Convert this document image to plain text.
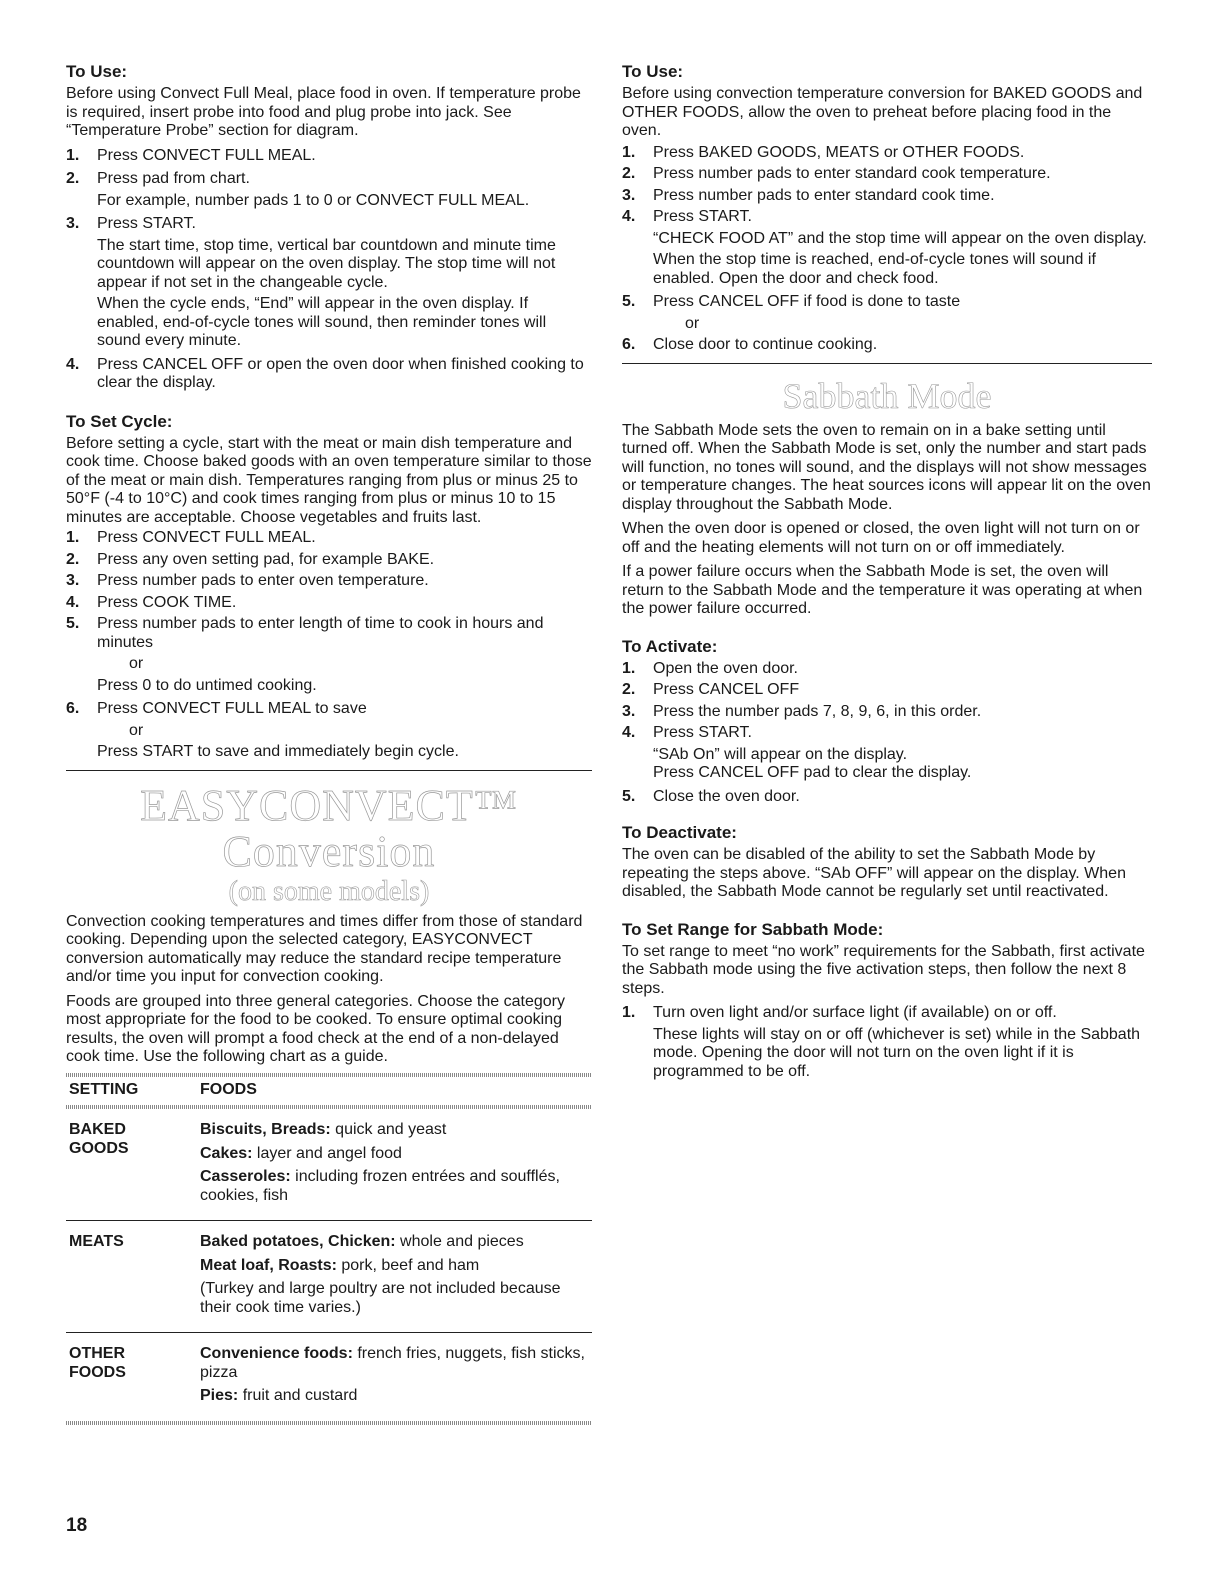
To Use:

Before using Convect Full Meal, place food in oven. If temperature probe is required, insert probe into food and plug probe into jack. See “Temperature Probe” section for diagram.

1. Press CONVECT FULL MEAL.
2. Press pad from chart.

For example, number pads 1 to 0 or CONVECT FULL MEAL.

3. Press START.

The start time, stop time, vertical bar countdown and minute time countdown will appear on the oven display. The stop time will not appear if not set in the changeable cycle.

When the cycle ends, “End” will appear in the oven display. If enabled, end-of-cycle tones will sound, then reminder tones will sound every minute.

4. Press CANCEL OFF or open the oven door when finished cooking to clear the display.
To Set Cycle:

Before setting a cycle, start with the meat or main dish temperature and cook time. Choose baked goods with an oven temperature similar to those of the meat or main dish. Temperatures ranging from plus or minus 25 to 50°F (-4 to 10°C) and cook times ranging from plus or minus 10 to 15 minutes are acceptable. Choose vegetables and fruits last.

1. Press CONVECT FULL MEAL.
2. Press any oven setting pad, for example BAKE.
3. Press number pads to enter oven temperature.
4. Press COOK TIME.
5. Press number pads to enter length of time to cook in hours and minutes

or

Press 0 to do untimed cooking.

6. Press CONVECT FULL MEAL to save

or

Press START to save and immediately begin cycle.

EASYCONVECT™ Conversion
(on some models)

Convection cooking temperatures and times differ from those of standard cooking. Depending upon the selected category, EASYCONVECT conversion automatically may reduce the standard recipe temperature and/or time you input for convection cooking.

Foods are grouped into three general categories. Choose the category most appropriate for the food to be cooked. To ensure optimal cooking results, the oven will prompt a food check at the end of a non-delayed cook time. Use the following chart as a guide.

SETTING	FOODS
BAKED GOODS

Biscuits, Breads: quick and yeast

Cakes: layer and angel food

Casseroles: including frozen entrées and soufflés, cookies, fish

MEATS	Baked potatoes, Chicken: whole and pieces

Meat loaf, Roasts: pork, beef and ham

(Turkey and large poultry are not included because their cook time varies.)

OTHER FOODS

Convenience foods: french fries, nuggets, fish sticks, pizza

Pies: fruit and custard

To Use:

Before using convection temperature conversion for BAKED GOODS and OTHER FOODS, allow the oven to preheat before placing food in the oven.

1. Press BAKED GOODS, MEATS or OTHER FOODS.
2. Press number pads to enter standard cook temperature.
3. Press number pads to enter standard cook time.
4. Press START.

“CHECK FOOD AT” and the stop time will appear on the oven display.

When the stop time is reached, end-of-cycle tones will sound if enabled. Open the door and check food.

5. Press CANCEL OFF if food is done to taste

or

6. Close door to continue cooking.
Sabbath Mode

The Sabbath Mode sets the oven to remain on in a bake setting until turned off. When the Sabbath Mode is set, only the number and start pads will function, no tones will sound, and the displays will not show messages or temperature changes. The heat sources icons will appear lit on the oven display throughout the Sabbath Mode.

When the oven door is opened or closed, the oven light will not turn on or off and the heating elements will not turn on or off immediately.

If a power failure occurs when the Sabbath Mode is set, the oven will return to the Sabbath Mode and the temperature it was operating at when the power failure occurred.

To Activate:
1. Open the oven door.
2. Press CANCEL OFF
3. Press the number pads 7, 8, 9, 6, in this order.
4. Press START.

“SAb On” will appear on the display.

Press CANCEL OFF pad to clear the display.

5. Close the oven door.
To Deactivate:

The oven can be disabled of the ability to set the Sabbath Mode by repeating the steps above. “SAb OFF” will appear on the display. When disabled, the Sabbath Mode cannot be regularly set until reactivated.

To Set Range for Sabbath Mode:

To set range to meet “no work” requirements for the Sabbath, first activate the Sabbath mode using the five activation steps, then follow the next 8 steps.

1. Turn oven light and/or surface light (if available) on or off.

These lights will stay on or off (whichever is set) while in the Sabbath mode. Opening the door will not turn on the oven light if it is programmed to be off.

18
